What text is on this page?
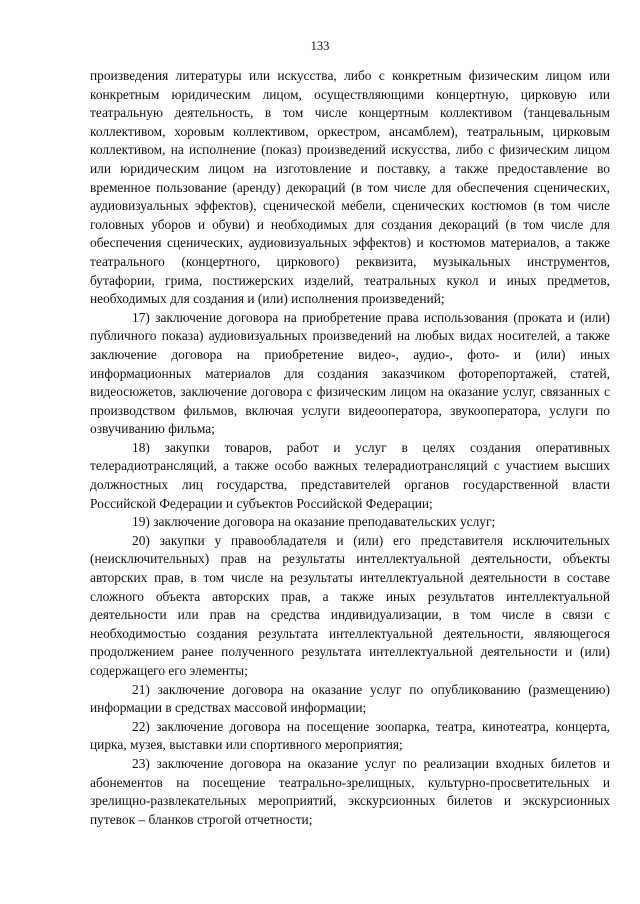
133

произведения литературы или искусства, либо с конкретным физическим лицом или конкретным юридическим лицом, осуществляющими концертную, цирковую или театральную деятельность, в том числе концертным коллективом (танцевальным коллективом, хоровым коллективом, оркестром, ансамблем), театральным, цирковым коллективом, на исполнение (показ) произведений искусства, либо с физическим лицом или юридическим лицом на изготовление и поставку, а также предоставление во временное пользование (аренду) декораций (в том числе для обеспечения сценических, аудиовизуальных эффектов), сценической мебели, сценических костюмов (в том числе головных уборов и обуви) и необходимых для создания декораций (в том числе для обеспечения сценических, аудиовизуальных эффектов) и костюмов материалов, а также театрального (концертного, циркового) реквизита, музыкальных инструментов, бутафории, грима, постижерских изделий, театральных кукол и иных предметов, необходимых для создания и (или) исполнения произведений;

17) заключение договора на приобретение права использования (проката и (или) публичного показа) аудиовизуальных произведений на любых видах носителей, а также заключение договора на приобретение видео-, аудио-, фото- и (или) иных информационных материалов для создания заказчиком фоторепортажей, статей, видеосюжетов, заключение договора с физическим лицом на оказание услуг, связанных с производством фильмов, включая услуги видеооператора, звукооператора, услуги по озвучиванию фильма;

18) закупки товаров, работ и услуг в целях создания оперативных телерадиотрансляций, а также особо важных телерадиотрансляций с участием высших должностных лиц государства, представителей органов государственной власти Российской Федерации и субъектов Российской Федерации;

19) заключение договора на оказание преподавательских услуг;

20) закупки у правообладателя и (или) его представителя исключительных (неисключительных) прав на результаты интеллектуальной деятельности, объекты авторских прав, в том числе на результаты интеллектуальной деятельности в составе сложного объекта авторских прав, а также иных результатов интеллектуальной деятельности или прав на средства индивидуализации, в том числе в связи с необходимостью создания результата интеллектуальной деятельности, являющегося продолжением ранее полученного результата интеллектуальной деятельности и (или) содержащего его элементы;

21) заключение договора на оказание услуг по опубликованию (размещению) информации в средствах массовой информации;

22) заключение договора на посещение зоопарка, театра, кинотеатра, концерта, цирка, музея, выставки или спортивного мероприятия;

23) заключение договора на оказание услуг по реализации входных билетов и абонементов на посещение театрально-зрелищных, культурно-просветительных и зрелищно-развлекательных мероприятий, экскурсионных билетов и экскурсионных путевок – бланков строгой отчетности;
